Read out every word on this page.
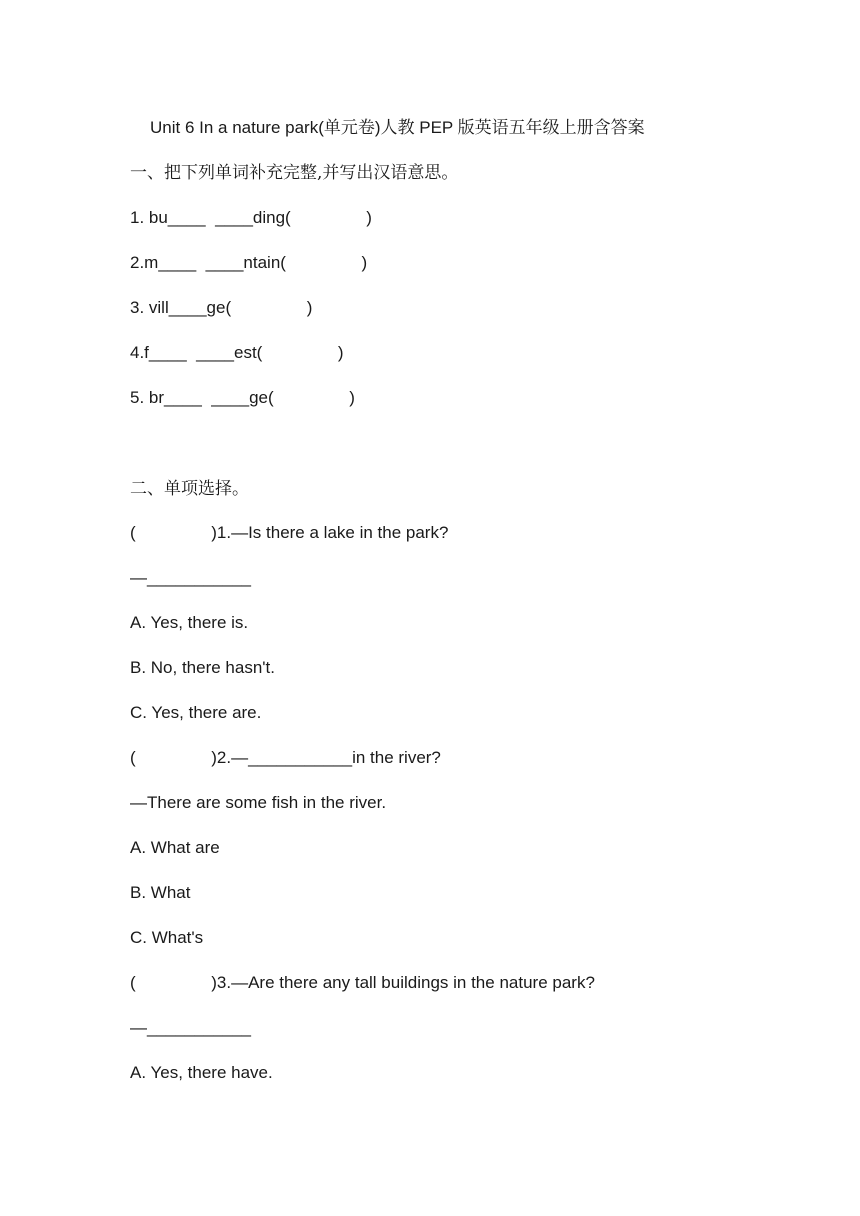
Unit 6 In a nature park(单元卷)人教 PEP 版英语五年级上册含答案
一、把下列单词补充完整,并写出汉语意思。
1. bu____  ____ding(                )
2.m____  ____ntain(                )
3. vill____ge(                )
4.f____  ____est(                )
5. br____  ____ge(                )
二、单项选择。
(                )1.—Is there a lake in the park?
—___________
A. Yes, there is.
B. No, there hasn't.
C. Yes, there are.
(                )2.—___________in the river?
—There are some fish in the river.
A. What are
B. What
C. What's
(                )3.—Are there any tall buildings in the nature park?
—___________
A. Yes, there have.
